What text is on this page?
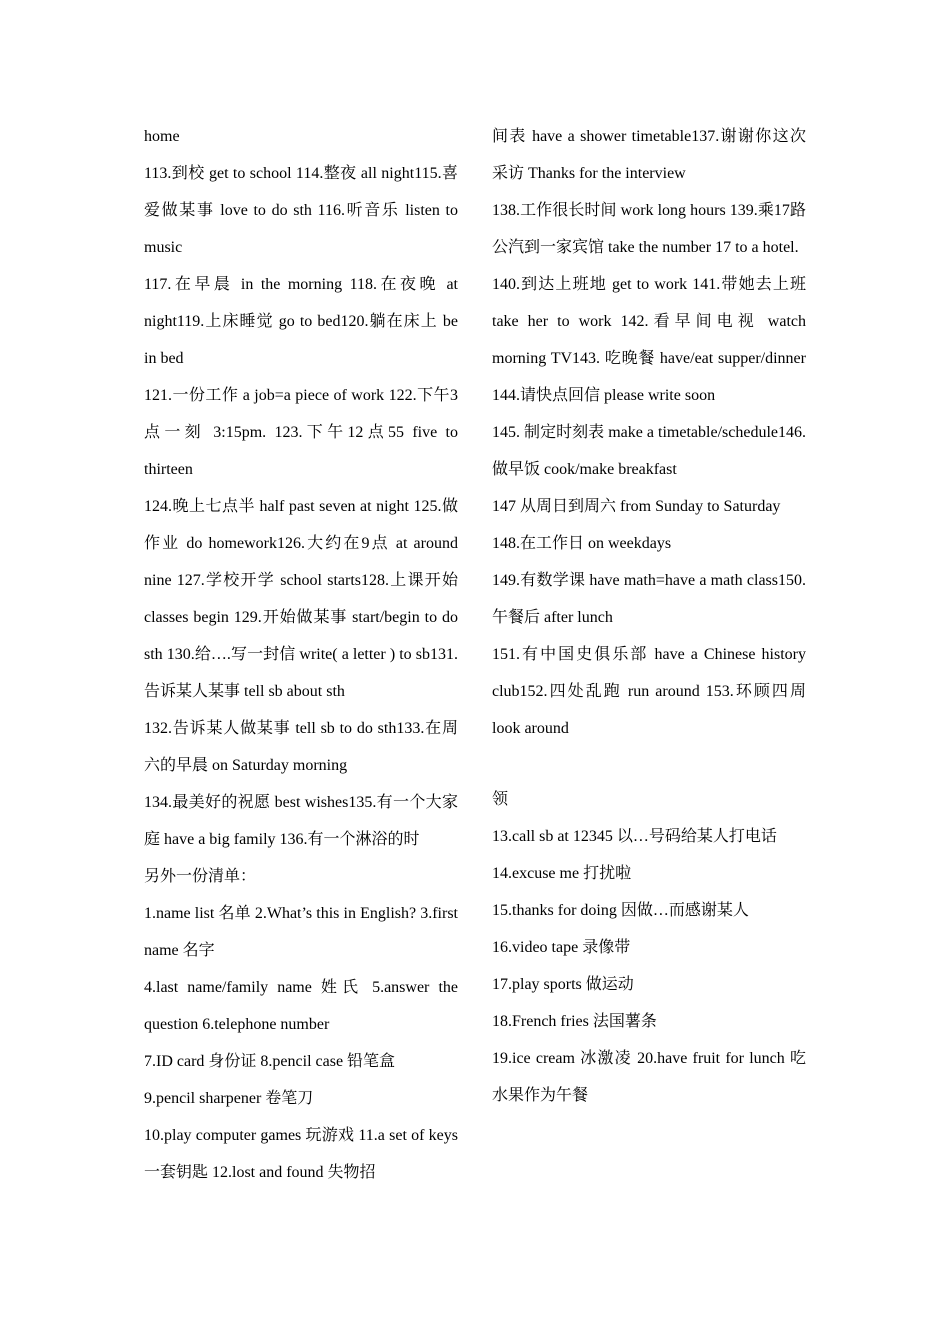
home

113.到校 get to school 114.整夜 all night115.喜爱做某事 love to do sth 116.听音乐 listen to music

117.在早晨 in the morning 118.在夜晚 at night119.上床睡觉 go to bed120.躺在床上 be in bed

121.一份工作 a job=a piece of work 122.下午3点一刻 3:15pm. 123.下午12点55 five to thirteen

124.晚上七点半 half past seven at night 125.做作业 do homework126.大约在9点 at around nine 127.学校开学 school starts128.上课开始 classes begin 129.开始做某事 start/begin to do sth 130.给….写一封信 write( a letter ) to sb131.告诉某人某事 tell sb about sth

132.告诉某人做某事 tell sb to do sth133.在周六的早晨 on Saturday morning

134.最美好的祝愿 best wishes135.有一个大家庭 have a big family 136.有一个淋浴的时

另外一份清单：

1.name list 名单 2.What’s this in English? 3.first name 名字

4.last name/family name 姓氏 5.answer the question 6.telephone number

7.ID card 身份证 8.pencil case 铅笔盒

9.pencil sharpener 卷笔刀

10.play computer games 玩游戏 11.a set of keys 一套钥匙 12.lost and found 失物招

间表 have a shower timetable137.谢谢你这次采访 Thanks for the interview

138.工作很长时间 work long hours 139.乘17路公汽到一家宾馆 take the number 17 to a hotel.

140.到达上班地 get to work 141.带她去上班 take her to work 142.看早间电视 watch morning TV143. 吃晚餐 have/eat supper/dinner 144.请快点回信 please write soon

145. 制定时刻表 make a timetable/schedule146.做早饭 cook/make breakfast

147 从周日到周六 from Sunday to Saturday

148.在工作日 on weekdays

149.有数学课 have math=have a math class150.午餐后 after lunch

151.有中国史俱乐部 have a Chinese history club152.四处乱跑 run around 153.环顾四周 look around

领

13.call sb at 12345 以…号码给某人打电话

14.excuse me 打扰啦

15.thanks for doing 因做…而感谢某人

16.video tape 录像带

17.play sports 做运动

18.French fries 法国薯条

19.ice cream 冰激凌 20.have fruit for lunch 吃水果作为午餐
